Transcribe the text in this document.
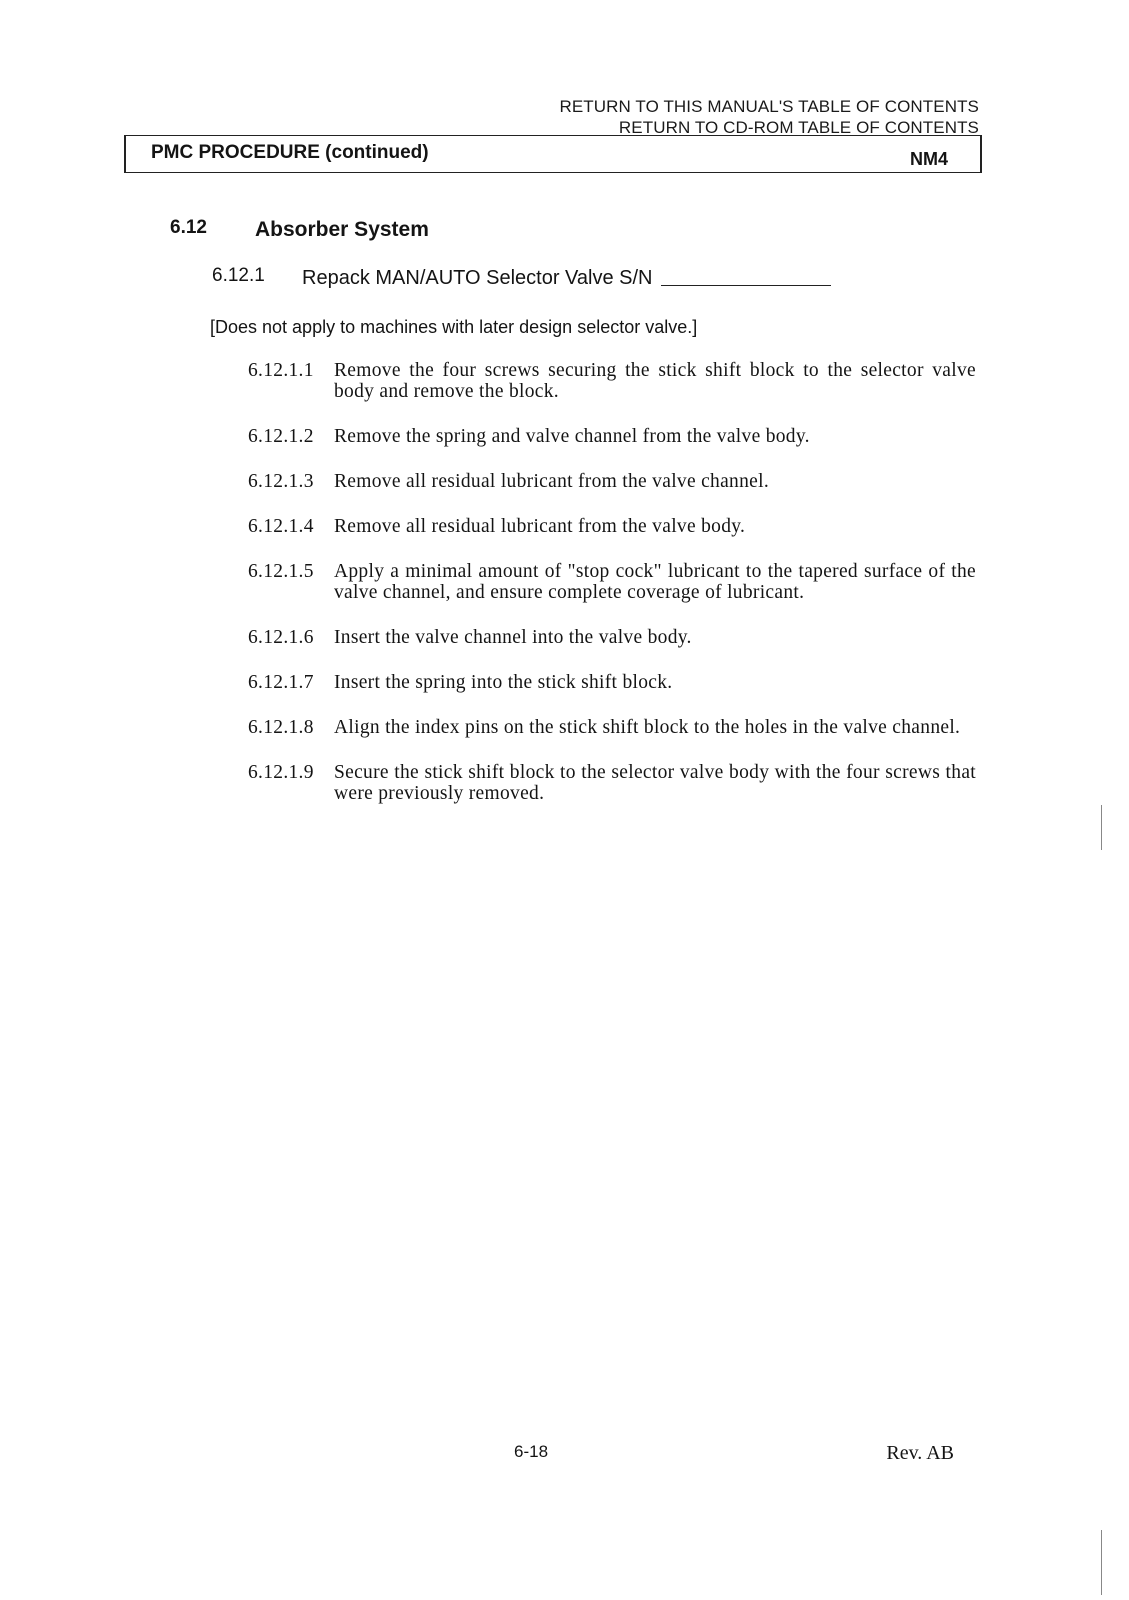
RETURN TO THIS MANUAL'S TABLE OF CONTENTS
RETURN TO CD-ROM TABLE OF CONTENTS
PMC PROCEDURE (continued)	NM4
6.12 Absorber System
6.12.1 Repack MAN/AUTO Selector Valve S/N
[Does not apply to machines with later design selector valve.]
6.12.1.1	Remove the four screws securing the stick shift block to the selector valve body and remove the block.
6.12.1.2	Remove the spring and valve channel from the valve body.
6.12.1.3	Remove all residual lubricant from the valve channel.
6.12.1.4	Remove all residual lubricant from the valve body.
6.12.1.5	Apply a minimal amount of "stop cock" lubricant to the tapered surface of the valve channel, and ensure complete coverage of lubricant.
6.12.1.6	Insert the valve channel into the valve body.
6.12.1.7	Insert the spring into the stick shift block.
6.12.1.8	Align the index pins on the stick shift block to the holes in the valve channel.
6.12.1.9	Secure the stick shift block to the selector valve body with the four screws that were previously removed.
6-18	Rev. AB
